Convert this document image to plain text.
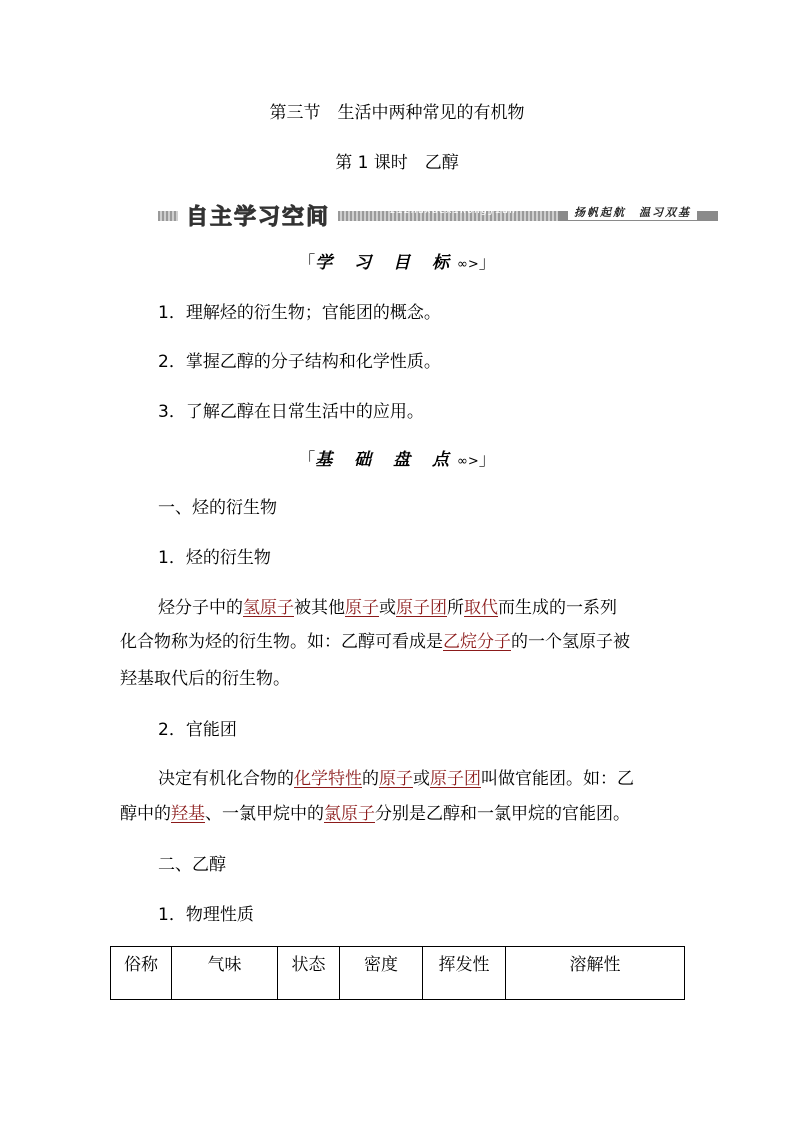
第三节　生活中两种常见的有机物
第 1 课时　乙醇
自主学习空间	zizhuxuexikongjian	扬帆起航　温习双基
「学 习 目 标∞>」
1．理解烃的衍生物；官能团的概念。
2．掌握乙醇的分子结构和化学性质。
3．了解乙醇在日常生活中的应用。
「基 础 盘 点∞>」
一、烃的衍生物
1．烃的衍生物
烃分子中的氢原子被其他原子或原子团所取代而生成的一系列
化合物称为烃的衍生物。如：乙醇可看成是乙烷分子的一个氢原子被
羟基取代后的衍生物。
2．官能团
决定有机化合物的化学特性的原子或原子团叫做官能团。如：乙
醇中的羟基、一氯甲烷中的氯原子分别是乙醇和一氯甲烷的官能团。
二、乙醇
1．物理性质
俗称	气味	状态	密度	挥发性	溶解性
